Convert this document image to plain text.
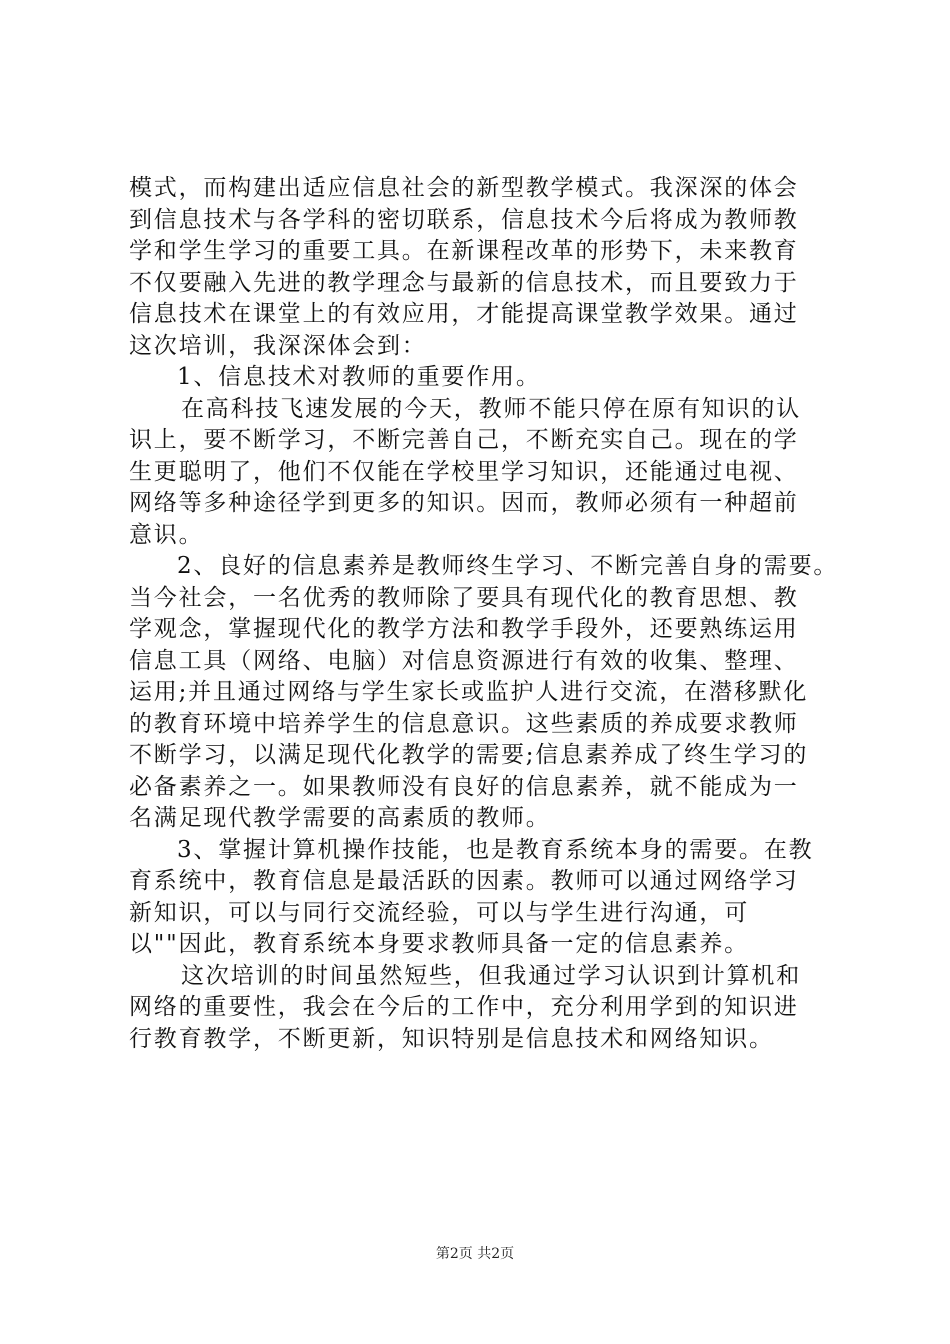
模式，而构建出适应信息社会的新型教学模式。我深深的体会
到信息技术与各学科的密切联系，信息技术今后将成为教师教
学和学生学习的重要工具。在新课程改革的形势下，未来教育
不仅要融入先进的教学理念与最新的信息技术，而且要致力于
信息技术在课堂上的有效应用，才能提高课堂教学效果。通过
这次培训，我深深体会到：
1、信息技术对教师的重要作用。
在高科技飞速发展的今天，教师不能只停在原有知识的认
识上，要不断学习，不断完善自己，不断充实自己。现在的学
生更聪明了，他们不仅能在学校里学习知识，还能通过电视、
网络等多种途径学到更多的知识。因而，教师必须有一种超前
意识。
2、良好的信息素养是教师终生学习、不断完善自身的需要。
当今社会，一名优秀的教师除了要具有现代化的教育思想、教
学观念，掌握现代化的教学方法和教学手段外，还要熟练运用
信息工具（网络、电脑）对信息资源进行有效的收集、整理、
运用;并且通过网络与学生家长或监护人进行交流，在潜移默化
的教育环境中培养学生的信息意识。这些素质的养成要求教师
不断学习，以满足现代化教学的需要;信息素养成了终生学习的
必备素养之一。如果教师没有良好的信息素养，就不能成为一
名满足现代教学需要的高素质的教师。
3、掌握计算机操作技能，也是教育系统本身的需要。在教
育系统中，教育信息是最活跃的因素。教师可以通过网络学习
新知识，可以与同行交流经验，可以与学生进行沟通，可
以""因此，教育系统本身要求教师具备一定的信息素养。
这次培训的时间虽然短些，但我通过学习认识到计算机和
网络的重要性，我会在今后的工作中，充分利用学到的知识进
行教育教学，不断更新，知识特别是信息技术和网络知识。
第2页 共2页
